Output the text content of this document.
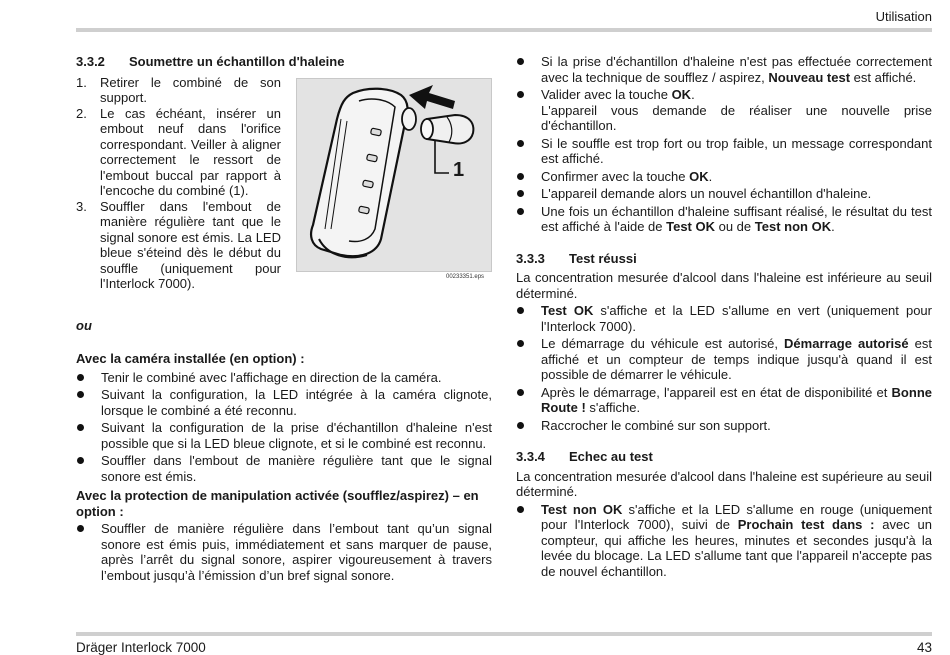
Utilisation
Dräger Interlock 7000	43
1
00233351.eps
3.3.2	Soumettre un échantillon d'haleine
1.	Retirer le combiné de son support.
2.	Le cas échéant, insérer un embout neuf dans l'orifice correspondant. Veiller à aligner correctement le ressort de l'embout buccal par rapport à l'encoche du combiné (1).
3.	Souffler dans l'embout de manière régulière tant que le signal sonore est émis. La LED bleue s'éteind dès le début du souffle (uniquement pour l'Interlock 7000).
ou
Avec la caméra installée (en option) :
Tenir le combiné avec l'affichage en direction de la caméra.
Suivant la configuration, la LED intégrée à la caméra clignote, lorsque le combiné a été reconnu.
Suivant la configuration de la prise d'échantillon d'haleine n'est possible que si la LED bleue clignote, et si le combiné est reconnu.
Souffler dans l'embout de manière régulière tant que le signal sonore est émis.
Avec la protection de manipulation activée (soufflez/aspirez) – en option :
Souffler de manière régulière dans l’embout tant qu’un signal sonore est émis puis, immédiatement et sans marquer de pause, après l’arrêt du signal sonore, aspirer vigoureusement à travers l’embout jusqu’à l’émission d’un bref signal sonore.
Si la prise d'échantillon d'haleine n'est pas effectuée correctement avec la technique de soufflez / aspirez, Nouveau test est affiché.
Valider avec la touche OK.
L'appareil vous demande de réaliser une nouvelle prise d'échantillon.
Si le souffle est trop fort ou trop faible, un message correspondant est affiché.
Confirmer avec la touche OK.
L'appareil demande alors un nouvel échantillon d'haleine.
Une fois un échantillon d'haleine suffisant réalisé, le résultat du test est affiché à l'aide de Test OK ou de Test non OK.
3.3.3	Test réussi

La concentration mesurée d'alcool dans l'haleine est inférieure au seuil déterminé.

Test OK s'affiche et la LED s'allume en vert (uniquement pour l'Interlock 7000).
Le démarrage du véhicule est autorisé, Démarrage autorisé est affiché et un compteur de temps indique jusqu'à quand il est possible de démarrer le véhicule.
Après le démarrage, l'appareil est en état de disponibilité et Bonne Route ! s'affiche.
Raccrocher le combiné sur son support.
3.3.4	Echec au test

La concentration mesurée d'alcool dans l'haleine est supérieure au seuil déterminé.

Test non OK s'affiche et la LED s'allume en rouge (uniquement pour l'Interlock 7000), suivi de Prochain test dans : avec un compteur, qui affiche les heures, minutes et secondes jusqu'à la levée du blocage. La LED s'allume tant que l'appareil n'accepte pas de nouvel échantillon.
